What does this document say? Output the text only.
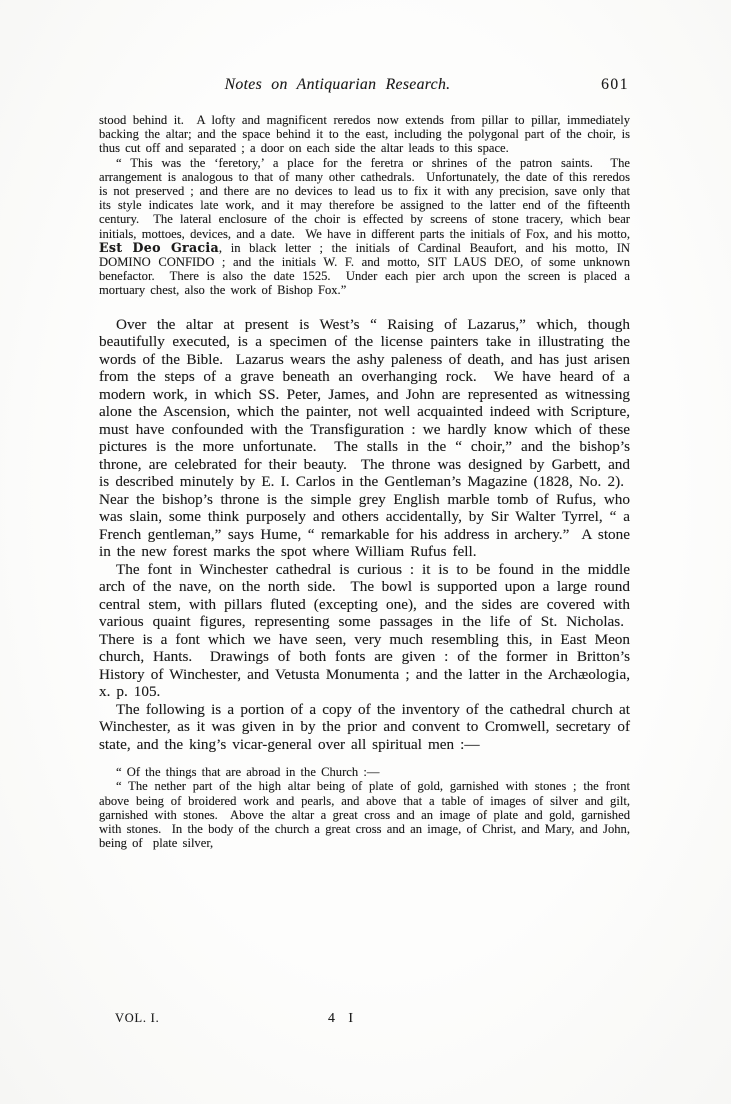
Notes on Antiquarian Research.	601

stood behind it.  A lofty and magnificent reredos now extends from pillar to pillar, immediately backing the altar; and the space behind it to the east, including the polygonal part of the choir, is thus cut off and separated ; a door on each side the altar leads to this space.

“ This was the ‘feretory,’ a place for the feretra or shrines of the patron saints.  The arrangement is analogous to that of many other cathedrals.  Unfortunately, the date of this reredos is not preserved ; and there are no devices to lead us to fix it with any precision, save only that its style indicates late work, and it may therefore be assigned to the latter end of the fifteenth century.  The lateral enclosure of the choir is effected by screens of stone tracery, which bear initials, mottoes, devices, and a date.  We have in different parts the initials of Fox, and his motto, Est Deo Gracia, in black letter ; the initials of Cardinal Beaufort, and his motto, IN DOMINO CONFIDO ; and the initials W. F. and motto, SIT LAUS DEO, of some unknown benefactor.  There is also the date 1525.  Under each pier arch upon the screen is placed a mortuary chest, also the work of Bishop Fox.”

Over the altar at present is West’s “ Raising of Lazarus,” which, though beautifully executed, is a specimen of the license painters take in illustrating the words of the Bible.  Lazarus wears the ashy paleness of death, and has just arisen from the steps of a grave beneath an overhanging rock.  We have heard of a modern work, in which SS. Peter, James, and John are represented as witnessing alone the Ascension, which the painter, not well acquainted indeed with Scripture, must have confounded with the Transfiguration : we hardly know which of these pictures is the more unfortunate.  The stalls in the “ choir,” and the bishop’s throne, are celebrated for their beauty.  The throne was designed by Garbett, and is described minutely by E. I. Carlos in the Gentleman’s Magazine (1828, No. 2).  Near the bishop’s throne is the simple grey English marble tomb of Rufus, who was slain, some think purposely and others accidentally, by Sir Walter Tyrrel, “ a French gentleman,” says Hume, “ remarkable for his address in archery.”  A stone in the new forest marks the spot where William Rufus fell.

The font in Winchester cathedral is curious : it is to be found in the middle arch of the nave, on the north side.  The bowl is supported upon a large round central stem, with pillars fluted (excepting one), and the sides are covered with various quaint figures, representing some passages in the life of St. Nicholas.  There is a font which we have seen, very much resembling this, in East Meon church, Hants.  Drawings of both fonts are given : of the former in Britton’s History of Winchester, and Vetusta Monumenta ; and the latter in the Archæologia, x. p. 105.

The following is a portion of a copy of the inventory of the cathedral church at Winchester, as it was given in by the prior and convent to Cromwell, secretary of state, and the king’s vicar-general over all spiritual men :—

“ Of the things that are abroad in the Church :—

“ The nether part of the high altar being of plate of gold, garnished with stones ; the front above being of broidered work and pearls, and above that a table of images of silver and gilt, garnished with stones.  Above the altar a great cross and an image of plate and gold, garnished with stones.  In the body of the church a great cross and an image, of Christ, and Mary, and John, being of  plate silver,

VOL. I.	4 I
